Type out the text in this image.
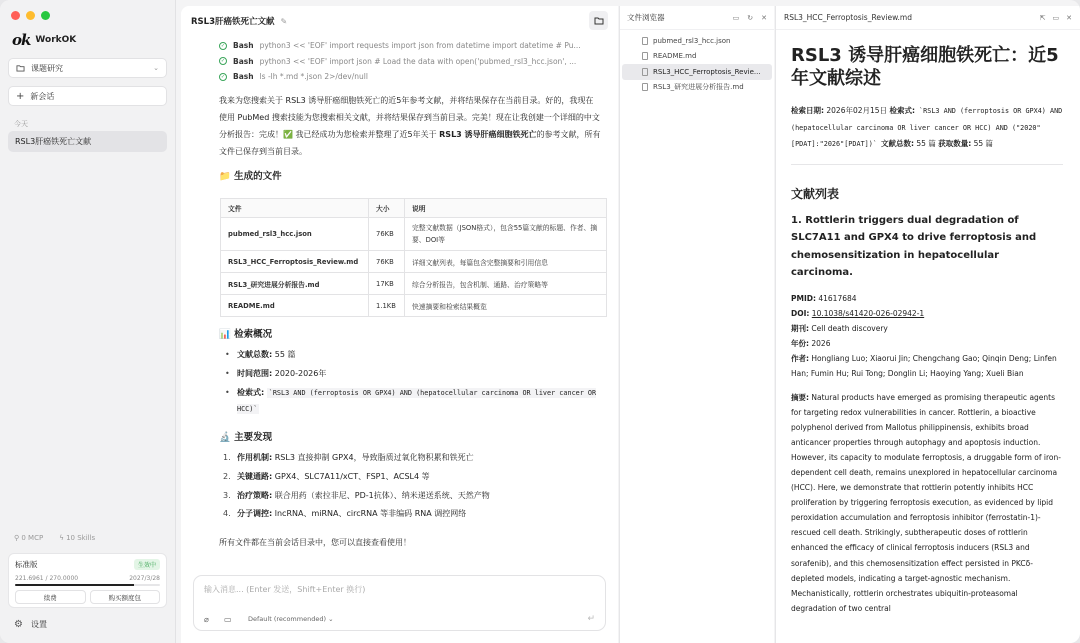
ok WorkOK
课题研究	⌄
+ 新会话
今天
RSL3肝癌铁死亡文献
⚲ 0 MCP ϟ 10 Skills
标准版	生效中
221.6961 / 270.0000	2027/3/28
续费	购买额度包
⚙ 设置
RSL3肝癌铁死亡文献 ✎
✓ Bash python3 << 'EOF' import requests import json from datetime import datetime # Pu...
✓ Bash python3 << 'EOF' import json # Load the data with open('pubmed_rsl3_hcc.json', ...
✓ Bash ls -lh *.md *.json 2>/dev/null
我来为您搜索关于 RSL3 诱导肝癌细胞铁死亡的近5年参考文献，并将结果保存在当前目录。好的，我现在使用 PubMed 搜索技能为您搜索相关文献，并将结果保存到当前目录。完美！现在让我创建一个详细的中文分析报告：完成！✅ 我已经成功为您检索并整理了近5年关于 RSL3 诱导肝癌细胞铁死亡的参考文献，所有文件已保存到当前目录。
📁 生成的文件
文件	大小	说明
pubmed_rsl3_hcc.json	76KB	完整文献数据（JSON格式），包含55篇文献的标题、作者、摘要、DOI等
RSL3_HCC_Ferroptosis_Review.md	76KB	详细文献列表，每篇包含完整摘要和引用信息
RSL3_研究进展分析报告.md	17KB	综合分析报告，包含机制、通路、治疗策略等
README.md	1.1KB	快速摘要和检索结果概览
📊 检索概况
• 文献总数: 55 篇
• 时间范围: 2020-2026年
• 检索式: `RSL3 AND (ferroptosis OR GPX4) AND (hepatocellular carcinoma OR liver cancer OR HCC)`
🔬 主要发现
1. 作用机制: RSL3 直接抑制 GPX4，导致脂质过氧化物积累和铁死亡
2. 关键通路: GPX4、SLC7A11/xCT、FSP1、ACSL4 等
3. 治疗策略: 联合用药（索拉非尼、PD-1抗体）、纳米递送系统、天然产物
4. 分子调控: lncRNA、miRNA、circRNA 等非编码 RNA 调控网络
所有文件都在当前会话目录中，您可以直接查看使用！
输入消息... (Enter 发送，Shift+Enter 换行)
⌀ ▭	Default (recommended) ⌄	↵
文件浏览器	▭ ↻ ✕
pubmed_rsl3_hcc.json
README.md
RSL3_HCC_Ferroptosis_Revie...
RSL3_研究进展分析报告.md
RSL3_HCC_Ferroptosis_Review.md	⇱ ▭ ✕
RSL3 诱导肝癌细胞铁死亡：近5年文献综述
检索日期: 2026年02月15日 检索式: `RSL3 AND (ferroptosis OR GPX4) AND (hepatocellular carcinoma OR liver cancer OR HCC) AND ("2020"[PDAT]:"2026"[PDAT])` 文献总数: 55 篇 获取数量: 55 篇
文献列表
1. Rottlerin triggers dual degradation of SLC7A11 and GPX4 to drive ferroptosis and chemosensitization in hepatocellular carcinoma.
PMID: 41617684
DOI: 10.1038/s41420-026-02942-1
期刊: Cell death discovery
年份: 2026
作者: Hongliang Luo; Xiaorui Jin; Chengchang Gao; Qinqin Deng; Linfen Han; Fumin Hu; Rui Tong; Donglin Li; Haoying Yang; Xueli Bian
摘要: Natural products have emerged as promising therapeutic agents for targeting redox vulnerabilities in cancer. Rottlerin, a bioactive polyphenol derived from Mallotus philippinensis, exhibits broad anticancer properties through autophagy and apoptosis induction. However, its capacity to modulate ferroptosis, a druggable form of iron-dependent cell death, remains unexplored in hepatocellular carcinoma (HCC). Here, we demonstrate that rottlerin potently inhibits HCC proliferation by triggering ferroptosis execution, as evidenced by lipid peroxidation accumulation and ferroptosis inhibitor (ferrostatin-1)-rescued cell death. Strikingly, subtherapeutic doses of rottlerin enhanced the efficacy of clinical ferroptosis inducers (RSL3 and sorafenib), and this chemosensitization effect persisted in PKCδ-depleted models, indicating a target-agnostic mechanism. Mechanistically, rottlerin orchestrates ubiquitin-proteasomal degradation of two central
